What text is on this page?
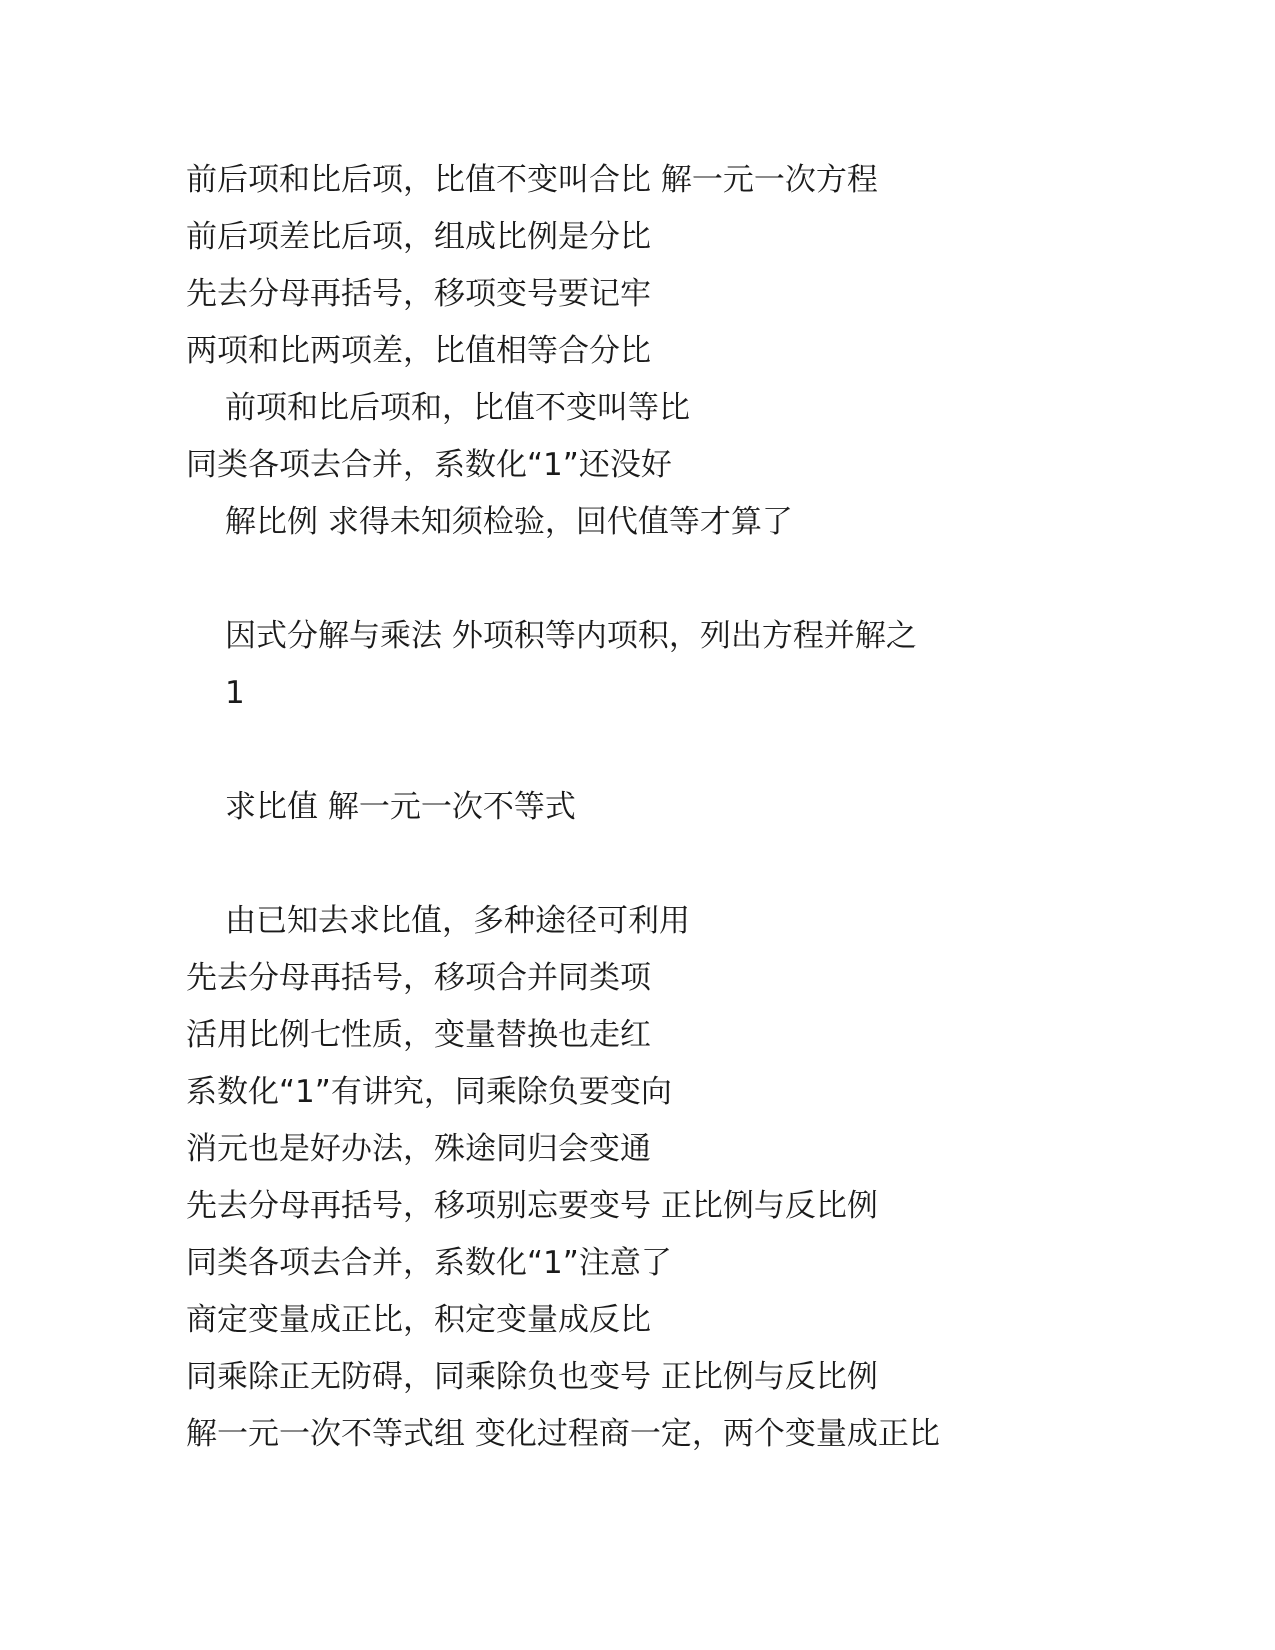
前后项和比后项，比值不变叫合比 解一元一次方程
前后项差比后项，组成比例是分比
先去分母再括号，移项变号要记牢
两项和比两项差，比值相等合分比
前项和比后项和，比值不变叫等比
同类各项去合并，系数化“1”还没好
解比例 求得未知须检验，回代值等才算了
因式分解与乘法 外项积等内项积，列出方程并解之
1
求比值 解一元一次不等式
由已知去求比值，多种途径可利用
先去分母再括号，移项合并同类项
活用比例七性质，变量替换也走红
系数化“1”有讲究，同乘除负要变向
消元也是好办法，殊途同归会变通
先去分母再括号，移项别忘要变号 正比例与反比例
同类各项去合并，系数化“1”注意了
商定变量成正比，积定变量成反比
同乘除正无防碍，同乘除负也变号 正比例与反比例
解一元一次不等式组 变化过程商一定，两个变量成正比
